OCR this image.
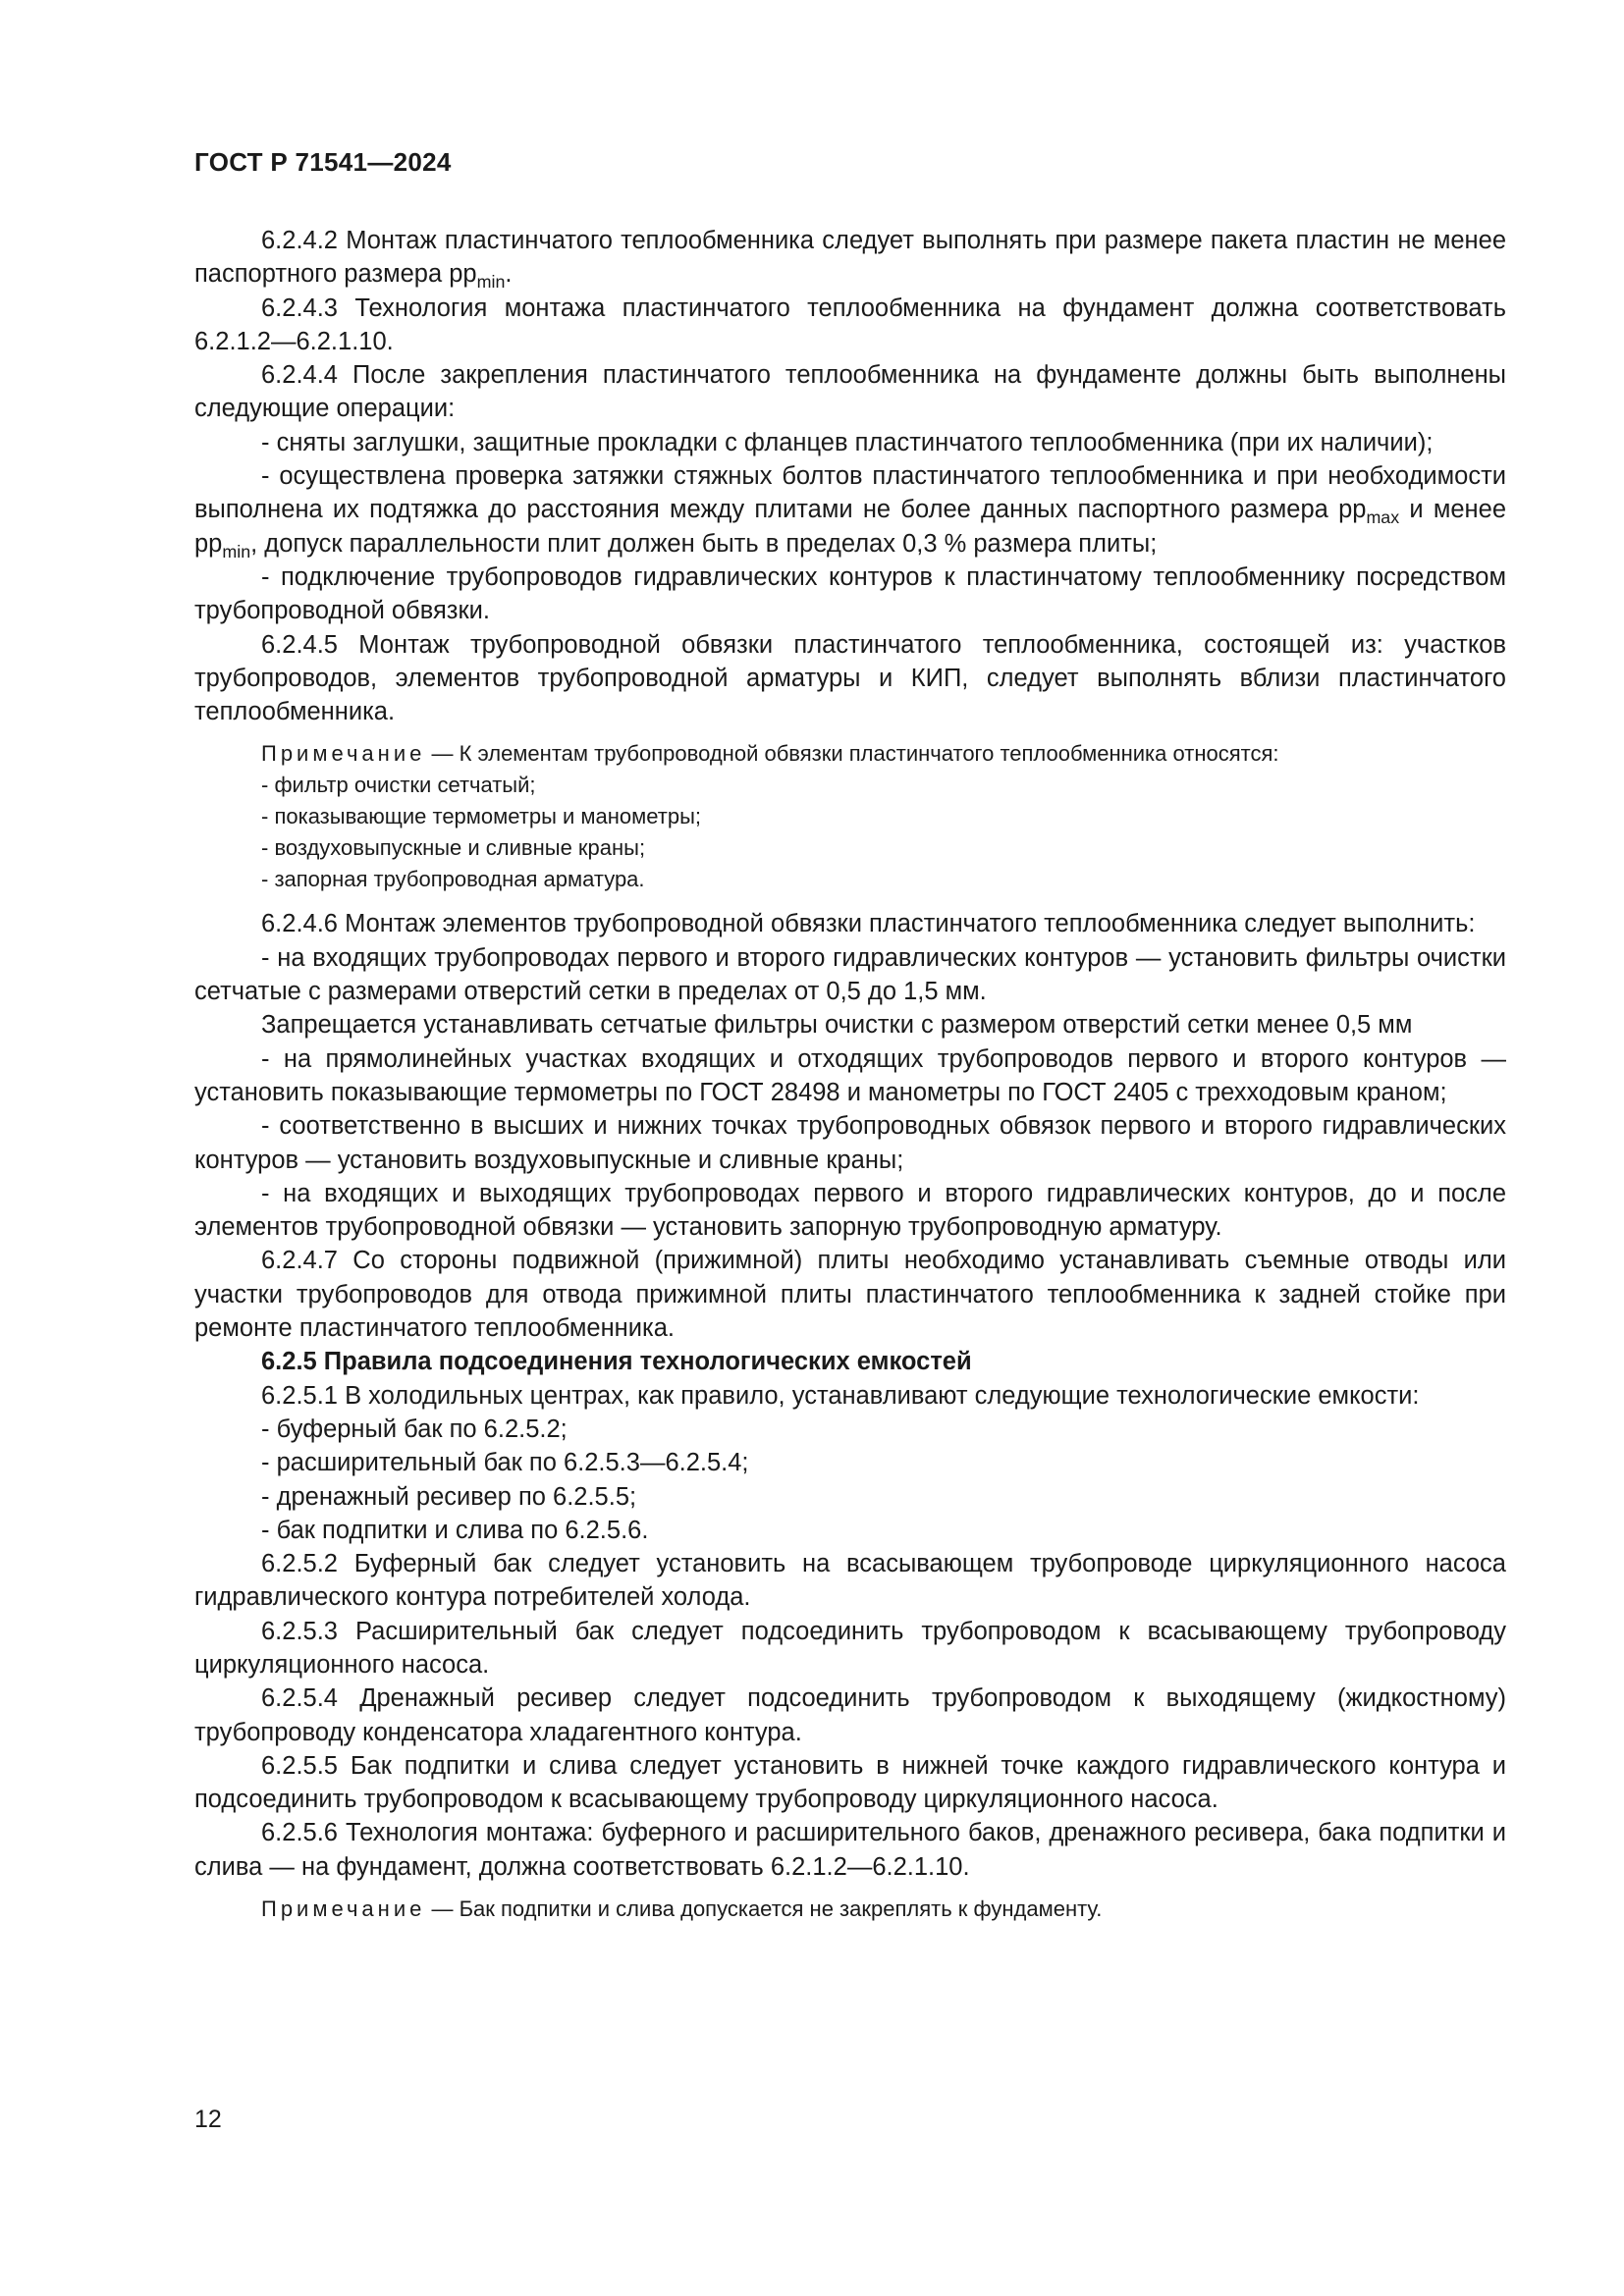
ГОСТ Р 71541—2024

6.2.4.2 Монтаж пластинчатого теплообменника следует выполнять при размере пакета пластин не менее паспортного размера $рр_{min}$.

6.2.4.3 Технология монтажа пластинчатого теплообменника на фундамент должна соответствовать 6.2.1.2—6.2.1.10.

6.2.4.4 После закрепления пластинчатого теплообменника на фундаменте должны быть выполнены следующие операции:

- сняты заглушки, защитные прокладки с фланцев пластинчатого теплообменника (при их наличии);

- осуществлена проверка затяжки стяжных болтов пластинчатого теплообменника и при необходимости выполнена их подтяжка до расстояния между плитами не более данных паспортного размера $рр_{max}$ и менее $рр_{min}$, допуск параллельности плит должен быть в пределах 0,3 % размера плиты;

- подключение трубопроводов гидравлических контуров к пластинчатому теплообменнику посредством трубопроводной обвязки.

6.2.4.5 Монтаж трубопроводной обвязки пластинчатого теплообменника, состоящей из: участков трубопроводов, элементов трубопроводной арматуры и КИП, следует выполнять вблизи пластинчатого теплообменника.

Примечание — К элементам трубопроводной обвязки пластинчатого теплообменника относятся:

- фильтр очистки сетчатый;

- показывающие термометры и манометры;

- воздуховыпускные и сливные краны;

- запорная трубопроводная арматура.

6.2.4.6 Монтаж элементов трубопроводной обвязки пластинчатого теплообменника следует выполнить:

- на входящих трубопроводах первого и второго гидравлических контуров — установить фильтры очистки сетчатые с размерами отверстий сетки в пределах от 0,5 до 1,5 мм.

Запрещается устанавливать сетчатые фильтры очистки с размером отверстий сетки менее 0,5 мм

- на прямолинейных участках входящих и отходящих трубопроводов первого и второго контуров — установить показывающие термометры по ГОСТ 28498 и манометры по ГОСТ 2405 с трехходовым краном;

- соответственно в высших и нижних точках трубопроводных обвязок первого и второго гидравлических контуров — установить воздуховыпускные и сливные краны;

- на входящих и выходящих трубопроводах первого и второго гидравлических контуров, до и после элементов трубопроводной обвязки — установить запорную трубопроводную арматуру.

6.2.4.7 Со стороны подвижной (прижимной) плиты необходимо устанавливать съемные отводы или участки трубопроводов для отвода прижимной плиты пластинчатого теплообменника к задней стойке при ремонте пластинчатого теплообменника.

6.2.5 Правила подсоединения технологических емкостей

6.2.5.1 В холодильных центрах, как правило, устанавливают следующие технологические емкости:

- буферный бак по 6.2.5.2;

- расширительный бак по 6.2.5.3—6.2.5.4;

- дренажный ресивер по 6.2.5.5;

- бак подпитки и слива по 6.2.5.6.

6.2.5.2 Буферный бак следует установить на всасывающем трубопроводе циркуляционного насоса гидравлического контура потребителей холода.

6.2.5.3 Расширительный бак следует подсоединить трубопроводом к всасывающему трубопроводу циркуляционного насоса.

6.2.5.4 Дренажный ресивер следует подсоединить трубопроводом к выходящему (жидкостному) трубопроводу конденсатора хладагентного контура.

6.2.5.5 Бак подпитки и слива следует установить в нижней точке каждого гидравлического контура и подсоединить трубопроводом к всасывающему трубопроводу циркуляционного насоса.

6.2.5.6 Технология монтажа: буферного и расширительного баков, дренажного ресивера, бака подпитки и слива — на фундамент, должна соответствовать 6.2.1.2—6.2.1.10.

Примечание — Бак подпитки и слива допускается не закреплять к фундаменту.

12
